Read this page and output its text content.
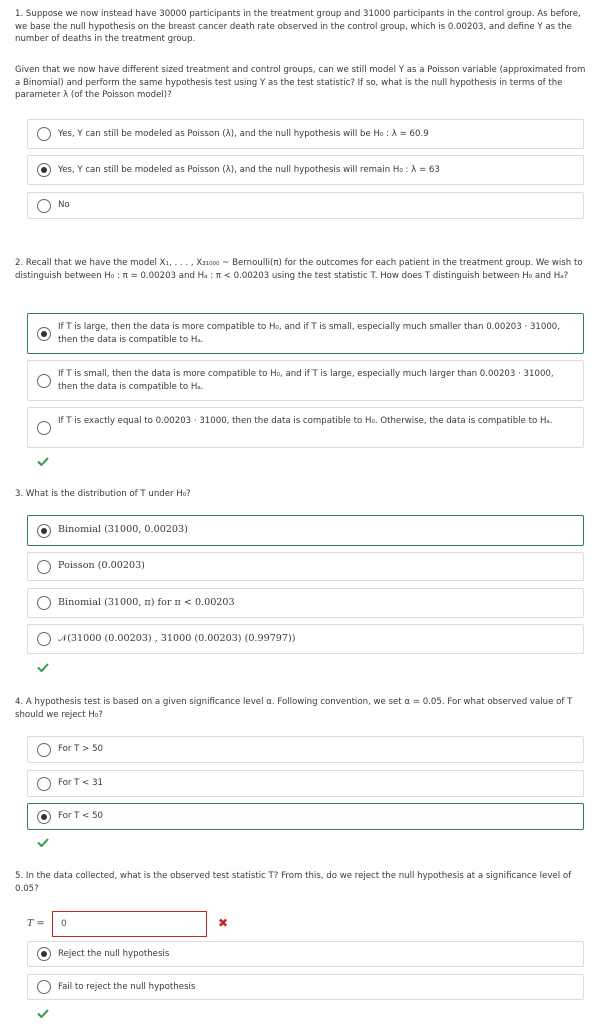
1. Suppose we now instead have 30000 participants in the treatment group and 31000 participants in the control group. As before, we base the null hypothesis on the breast cancer death rate observed in the control group, which is 0.00203, and define Y as the number of deaths in the treatment group.
Given that we now have different sized treatment and control groups, can we still model Y as a Poisson variable (approximated from a Binomial) and perform the same hypothesis test using Y as the test statistic? If so, what is the null hypothesis in terms of the parameter λ (of the Poisson model)?
Yes, Y can still be modeled as Poisson (λ), and the null hypothesis will be H₀ : λ = 60.9
Yes, Y can still be modeled as Poisson (λ), and the null hypothesis will remain H₀ : λ = 63
No
2. Recall that we have the model X₁, . . . , X₃₁₀₀₀ ~ Bernoulli(π) for the outcomes for each patient in the treatment group. We wish to distinguish between H₀ : π = 0.00203 and Hₐ : π < 0.00203 using the test statistic T. How does T distinguish between H₀ and Hₐ?
If T is large, then the data is more compatible to H₀, and if T is small, especially much smaller than 0.00203 · 31000, then the data is compatible to Hₐ.
If T is small, then the data is more compatible to H₀, and if T is large, especially much larger than 0.00203 · 31000, then the data is compatible to Hₐ.
If T is exactly equal to 0.00203 · 31000, then the data is compatible to H₀. Otherwise, the data is compatible to Hₐ.
3. What is the distribution of T under H₀?
Binomial (31000, 0.00203)
Poisson (0.00203)
Binomial (31000, π) for π < 0.00203
𝒩(31000 (0.00203) , 31000 (0.00203) (0.99797))
4. A hypothesis test is based on a given significance level α. Following convention, we set α = 0.05. For what observed value of T should we reject H₀?
For T > 50
For T < 31
For T < 50
5. In the data collected, what is the observed test statistic T? From this, do we reject the null hypothesis at a significance level of 0.05?
T =	0	✖
Reject the null hypothesis
Fail to reject the null hypothesis
